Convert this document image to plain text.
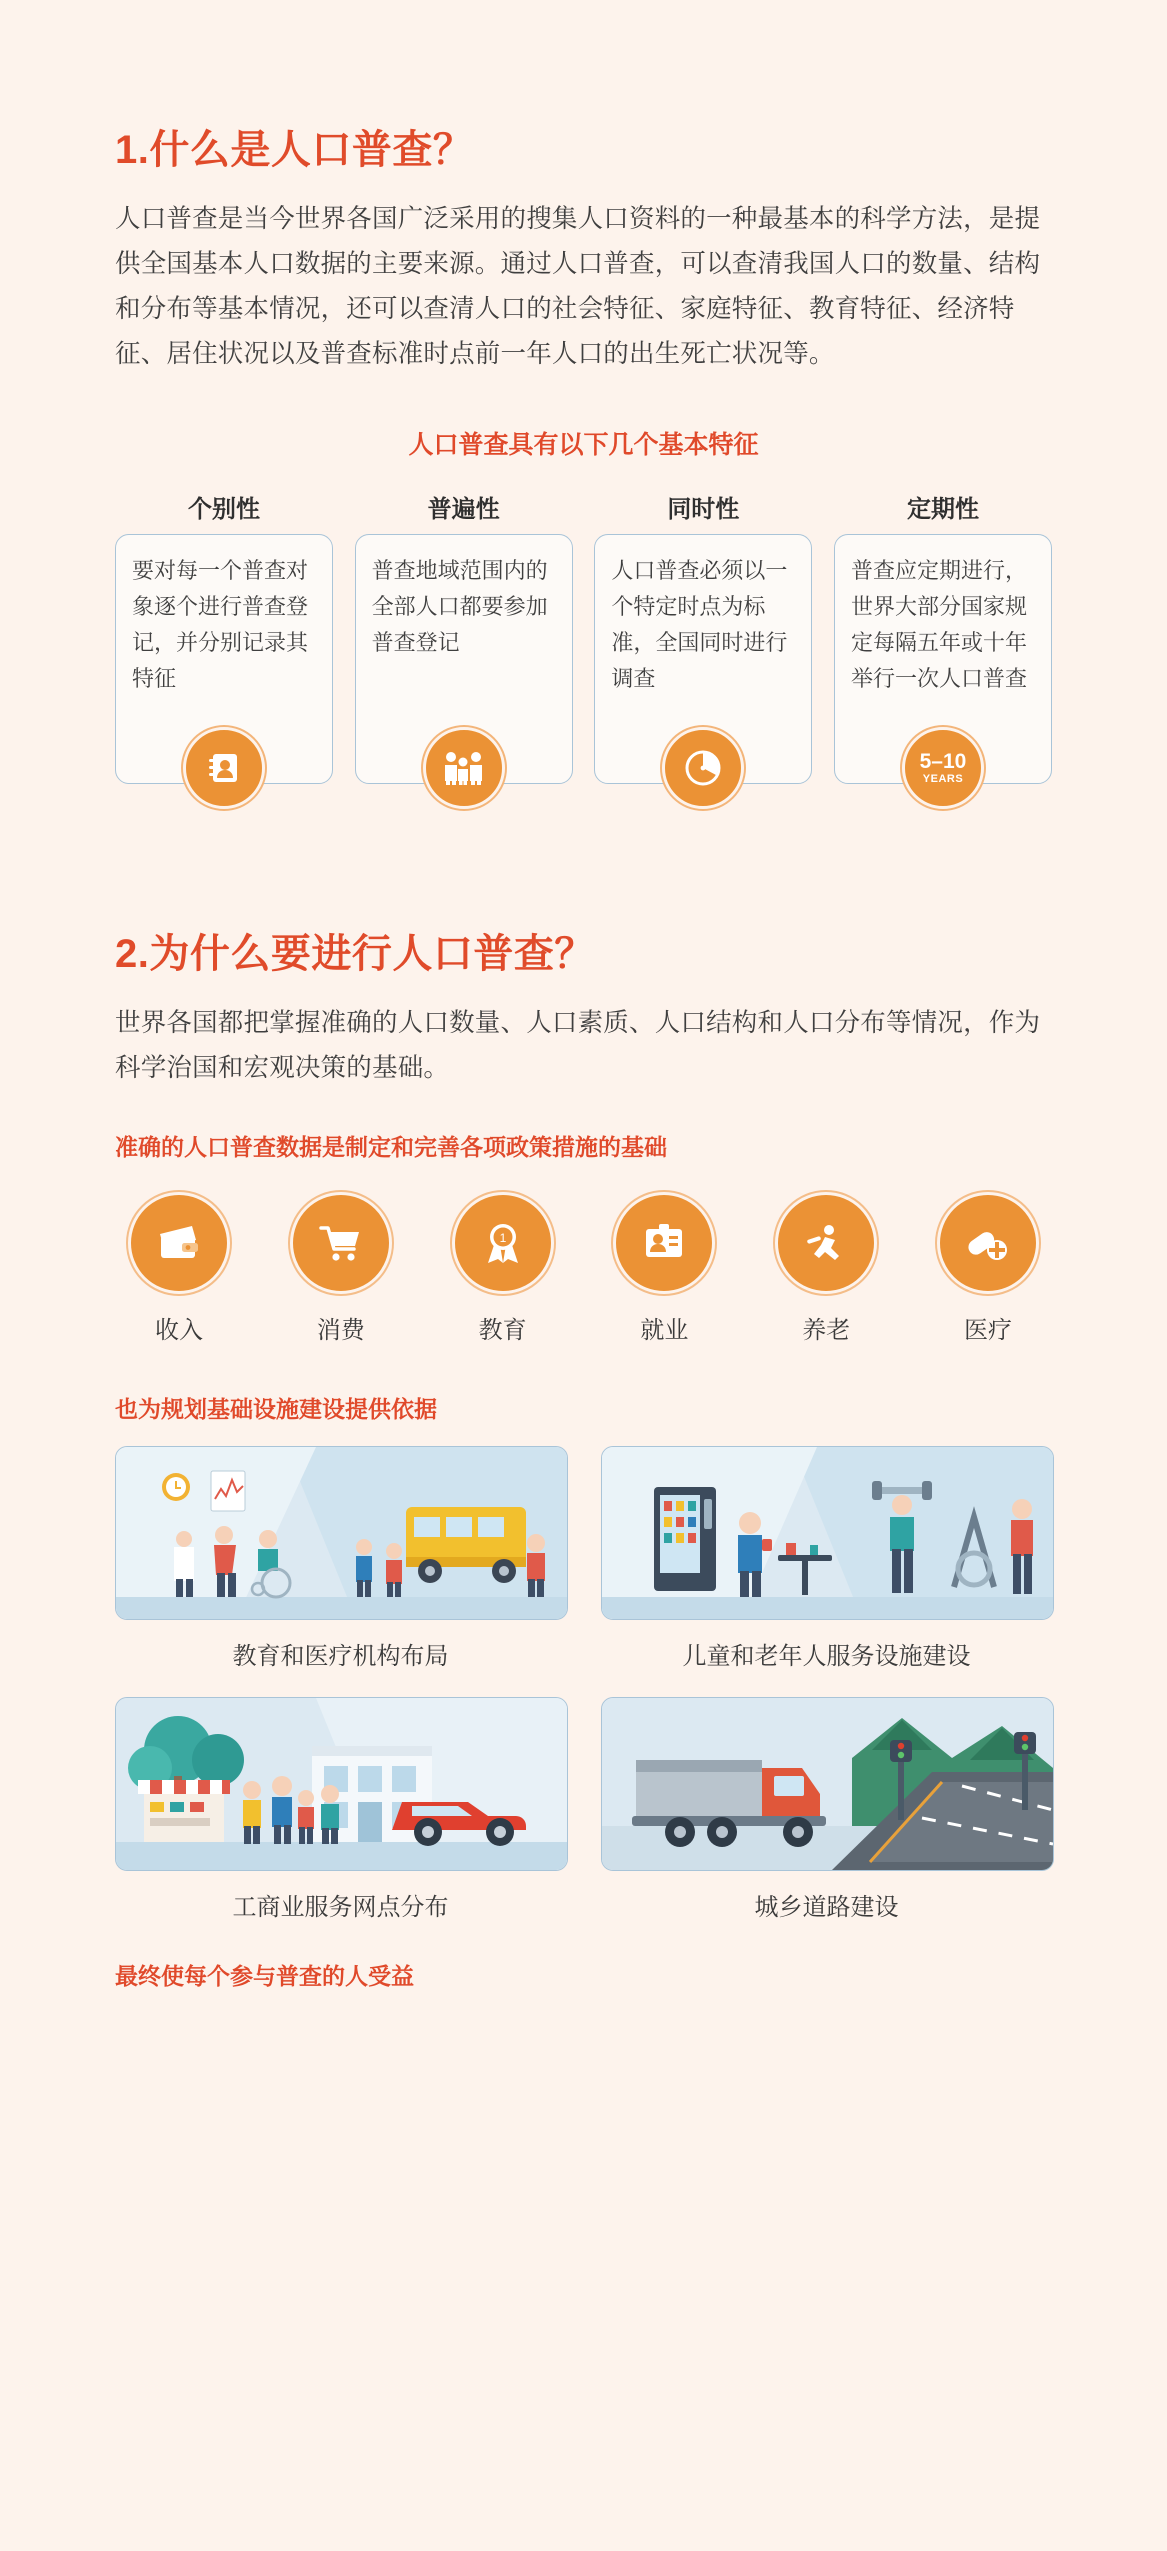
1.什么是人口普查？

人口普查是当今世界各国广泛采用的搜集人口资料的一种最基本的科学方法，是提供全国基本人口数据的主要来源。通过人口普查，可以查清我国人口的数量、结构和分布等基本情况，还可以查清人口的社会特征、家庭特征、教育特征、经济特征、居住状况以及普查标准时点前一年人口的出生死亡状况等。

人口普查具有以下几个基本特征
个别性	普遍性	同时性	定期性
要对每一个普查对象逐个进行普查登记，并分别记录其特征
普查地域范围内的全部人口都要参加普查登记
人口普查必须以一个特定时点为标准，全国同时进行调查
普查应定期进行，世界大部分国家规定每隔五年或十年举行一次人口普查
5–10
YEARS
2.为什么要进行人口普查？

世界各国都把掌握准确的人口数量、人口素质、人口结构和人口分布等情况，作为科学治国和宏观决策的基础。

准确的人口普查数据是制定和完善各项政策措施的基础
收入	消费
1
教育	就业	养老	医疗
也为规划基础设施建设提供依据
教育和医疗机构布局	儿童和老年人服务设施建设
工商业服务网点分布	城乡道路建设
最终使每个参与普查的人受益
